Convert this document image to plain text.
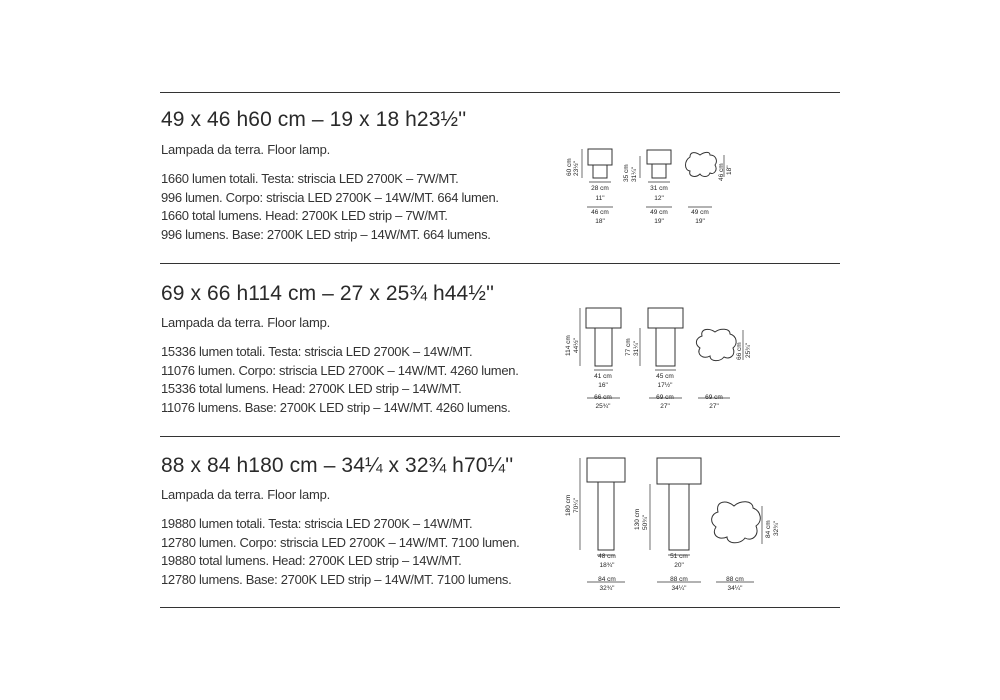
49 x 46 h60 cm – 19 x 18 h23½''
Lampada da terra. Floor lamp.
1660 lumen totali. Testa: striscia LED 2700K – 7W/MT.
996 lumen. Corpo: striscia LED 2700K – 14W/MT. 664 lumen.
1660 total lumens. Head: 2700K LED strip – 7W/MT.
996 lumens. Base: 2700K LED strip – 14W/MT. 664 lumens.
60 cm 23½"
28 cm
11"
46 cm
18"
35 cm 31¼"
31 cm
12"
49 cm
19"
49 cm
19"
46 cm 18"
69 x 66 h114 cm – 27 x 25¾ h44½''
Lampada da terra. Floor lamp.
15336 lumen totali. Testa: striscia LED 2700K – 14W/MT.
11076 lumen. Corpo: striscia LED 2700K – 14W/MT. 4260 lumen.
15336 total lumens. Head: 2700K LED strip – 14W/MT.
11076 lumens. Base: 2700K LED strip – 14W/MT. 4260 lumens.
114 cm 44½"
41 cm
16"
66 cm
25¾"
77 cm 31¼"
45 cm
17½"
69 cm
27"
69 cm
27"
66 cm 25¾"
88 x 84 h180 cm – 34¼ x 32¾ h70¼''
Lampada da terra. Floor lamp.
19880 lumen totali. Testa: striscia LED 2700K – 14W/MT.
12780 lumen. Corpo: striscia LED 2700K – 14W/MT. 7100 lumen.
19880 total lumens. Head: 2700K LED strip – 14W/MT.
12780 lumens. Base: 2700K LED strip – 14W/MT. 7100 lumens.
180 cm 70¼"
48 cm
18¾"
84 cm
32¾"
130 cm 50¾"
51 cm
20"
88 cm
34¼"
88 cm
34¼"
84 cm 32¾"
